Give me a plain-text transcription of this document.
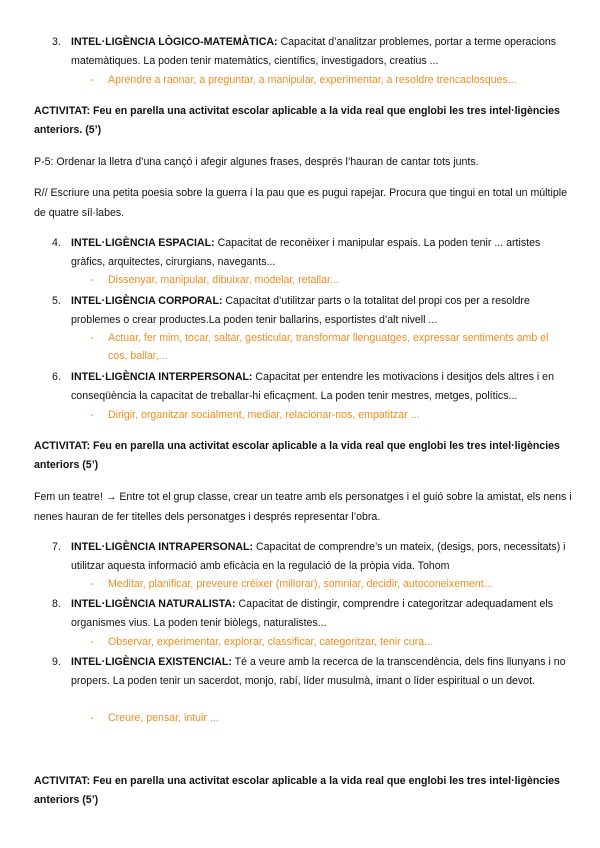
3. INTEL·LIGÈNCIA LÒGICO-MATEMÀTICA: Capacitat d’analitzar problemes, portar a terme operacions matemàtiques. La poden tenir matemàtics, científics, investigadors, creatius ...
- Aprendre a raonar, a preguntar, a manipular, experimentar, a resoldre trencaclosques...
ACTIVITAT: Feu en parella una activitat escolar aplicable a la vida real que englobi les tres intel·ligències anteriors. (5’)
P-5: Ordenar la lletra d’una cançó i afegir algunes frases, després l’hauran de cantar tots junts.
R// Escriure una petita poesia sobre la guerra i la pau que es pugui rapejar. Procura que tingui en total un múltiple de quatre síl·labes.
4. INTEL·LIGÈNCIA ESPACIAL: Capacitat de reconèixer i manipular espais. La poden tenir ... artistes gràfics, arquitectes, cirurgians, navegants...
- Dissenyar, manipular, dibuixar, modelar, retallar...
5. INTEL·LIGÈNCIA CORPORAL: Capacitat d’utilitzar parts o la totalitat del propi cos per a resoldre problemes o crear productes.La poden tenir ballarins, esportistes d’alt nivell ...
- Actuar, fer mim, tocar, saltar, gesticular, transformar llenguatges, expressar sentiments amb el cos, ballar,...
6. INTEL·LIGÈNCIA INTERPERSONAL: Capacitat per entendre les motivacions i desitjos dels altres i en conseqüència la capacitat de treballar-hi eficaçment. La poden tenir mestres, metges, polítics...
- Dirigir, organitzar socialment, mediar, relacionar-nos, empatitzar ...
ACTIVITAT: Feu en parella una activitat escolar aplicable a la vida real que englobi les tres intel·ligències anteriors (5’)
Fem un teatre! → Entre tot el grup classe, crear un teatre amb els personatges i el guió sobre la amistat, els nens i nenes hauran de fer titelles dels personatges i després representar l’obra.
7. INTEL·LIGÈNCIA INTRAPERSONAL: Capacitat de comprendre’s un mateix, (desigs, pors, necessitats) i utilitzar aquesta informació amb eficàcia en la regulació de la pròpia vida. Tohom
- Meditar, planificar, preveure créixer (millorar), somniar, decidir, autoconeixement...
8. INTEL·LIGÈNCIA NATURALISTA: Capacitat de distingir, comprendre i categoritzar adequadament els organismes vius. La poden tenir biòlegs, naturalistes...
- Observar, experimentar, explorar, classificar, categoritzar, tenir cura...
9. INTEL·LIGÈNCIA EXISTENCIAL: Té a veure amb la recerca de la transcendència, dels fins llunyans i no propers. La poden tenir un sacerdot, monjo, rabí, líder musulmà, imant o líder espiritual o un devot.
- Creure, pensar, intuir ...
ACTIVITAT: Feu en parella una activitat escolar aplicable a la vida real que englobi les tres intel·ligències anteriors (5’)
